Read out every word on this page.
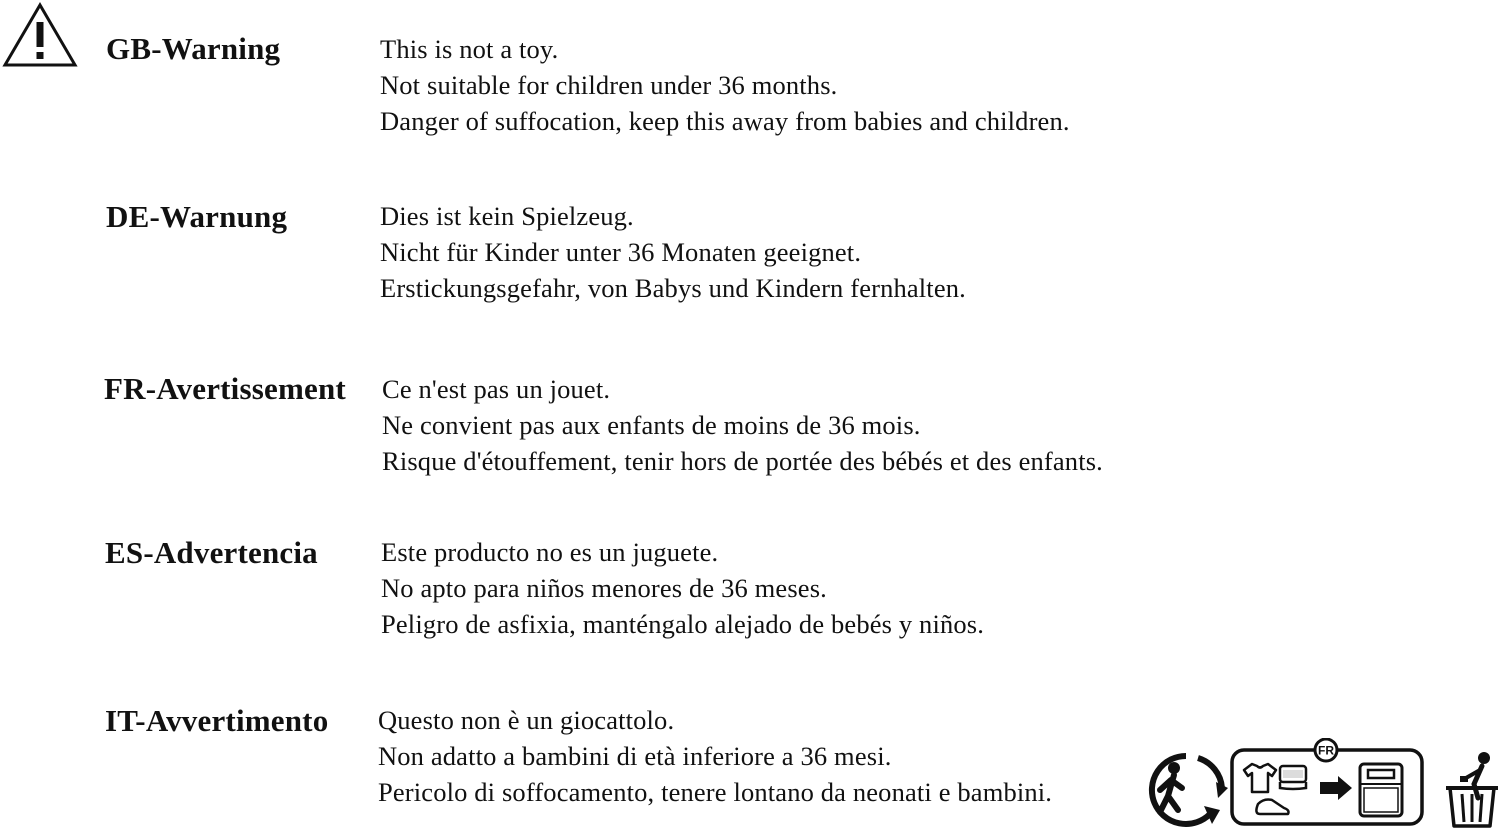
GB-Warning	This is not a toy.
Not suitable for children under 36 months.
Danger of suffocation, keep this away from babies and children.
DE-Warnung	Dies ist kein Spielzeug.
Nicht für Kinder unter 36 Monaten geeignet.
Erstickungsgefahr, von Babys und Kindern fernhalten.
FR-Avertissement Ce n'est pas un jouet.
Ne convient pas aux enfants de moins de 36 mois.
Risque d'étouffement, tenir hors de portée des bébés et des enfants.
ES-Advertencia Este producto no es un juguete.
No apto para niños menores de 36 meses.
Peligro de asfixia, manténgalo alejado de bebés y niños.
IT-Avvertimento Questo non è un giocattolo.
Non adatto a bambini di età inferiore a 36 mesi.
Pericolo di soffocamento, tenere lontano da neonati e bambini.
FR
